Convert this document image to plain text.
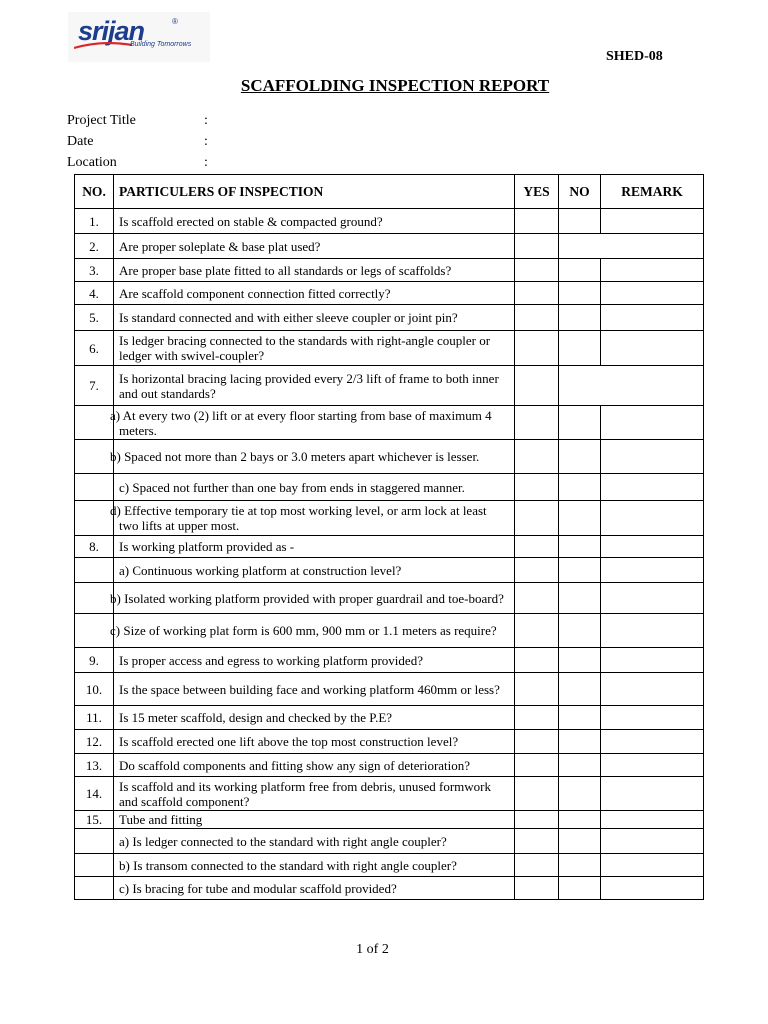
srijan	®
Building Tomorrows
SHED-08
SCAFFOLDING INSPECTION REPORT
Project Title	:
Date	:
Location	:
NO.	PARTICULERS OF INSPECTION	YES	NO	REMARK
1.	Is scaffold erected on stable & compacted ground?			
2.	Are proper soleplate & base plat used?			
3.	Are proper base plate fitted to all standards or legs of scaffolds?			
4.	Are scaffold component connection fitted correctly?			
5.	Is standard connected and with either sleeve coupler or joint pin?			
6.	Is ledger bracing connected to the standards with right-angle coupler or ledger with swivel-coupler?			
7.	Is horizontal bracing lacing provided every 2/3 lift of frame to both inner and out standards?			
	a) At every two (2) lift or at every floor starting from base of maximum 4 meters.			
	b) Spaced not more than 2 bays or 3.0 meters apart whichever is lesser.			
	c) Spaced not further than one bay from ends in staggered manner.			
	d) Effective temporary tie at top most working level, or arm lock at least two lifts at upper most.			
8.	Is working platform provided as -			
	a) Continuous working platform at construction level?			
	b) Isolated working platform provided with proper guardrail and toe-board?			
	c) Size of working plat form is 600 mm, 900 mm or 1.1 meters as require?			
9.	Is proper access and egress to working platform provided?			
10.	Is the space between building face and working platform 460mm or less?			
11.	Is 15 meter scaffold, design and checked by the P.E?			
12.	Is scaffold erected one lift above the top most construction level?			
13.	Do scaffold components and fitting show any sign of deterioration?			
14.	Is scaffold and its working platform free from debris, unused formwork and scaffold component?			
15.	Tube and fitting			
	a) Is ledger connected to the standard with right angle coupler?			
	b) Is transom connected to the standard with right angle coupler?			
	c) Is bracing for tube and modular scaffold provided?			
1 of 2
